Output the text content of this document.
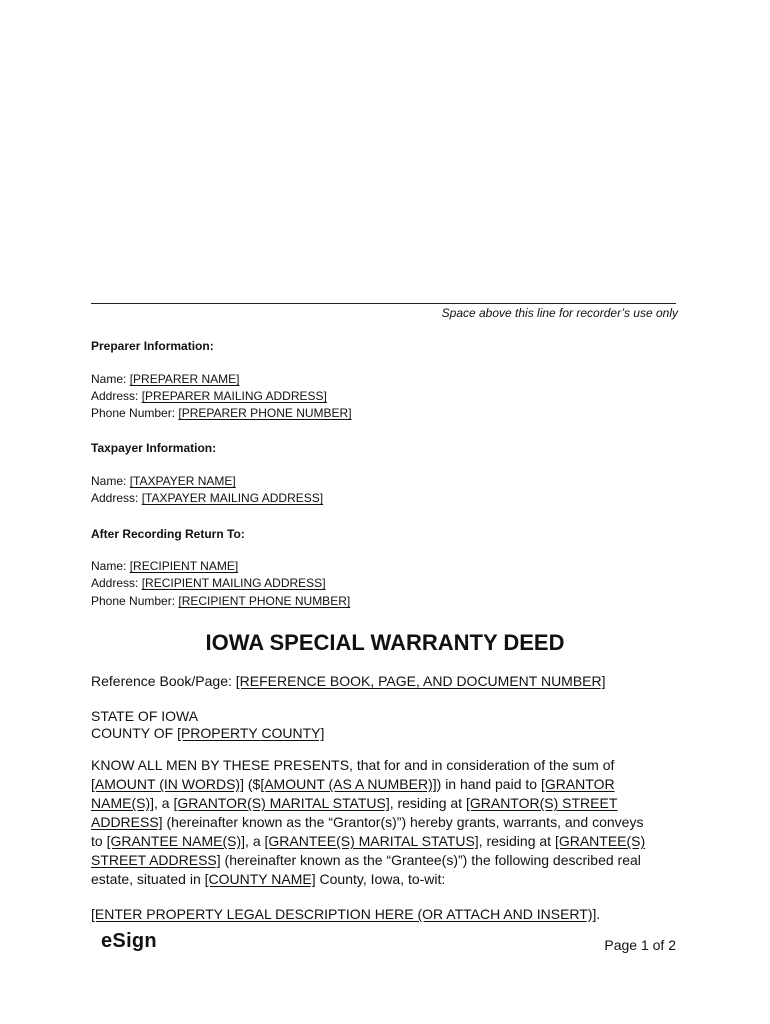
Space above this line for recorder’s use only
Preparer Information:
Name: [PREPARER NAME]
Address: [PREPARER MAILING ADDRESS]
Phone Number: [PREPARER PHONE NUMBER]
Taxpayer Information:
Name: [TAXPAYER NAME]
Address: [TAXPAYER MAILING ADDRESS]
After Recording Return To:
Name: [RECIPIENT NAME]
Address: [RECIPIENT MAILING ADDRESS]
Phone Number: [RECIPIENT PHONE NUMBER]
IOWA SPECIAL WARRANTY DEED
Reference Book/Page: [REFERENCE BOOK, PAGE, AND DOCUMENT NUMBER]
STATE OF IOWA
COUNTY OF [PROPERTY COUNTY]
KNOW ALL MEN BY THESE PRESENTS, that for and in consideration of the sum of [AMOUNT (IN WORDS)] ($[AMOUNT (AS A NUMBER)]) in hand paid to [GRANTOR NAME(S)], a [GRANTOR(S) MARITAL STATUS], residing at [GRANTOR(S) STREET ADDRESS] (hereinafter known as the “Grantor(s)”) hereby grants, warrants, and conveys to [GRANTEE NAME(S)], a [GRANTEE(S) MARITAL STATUS], residing at [GRANTEE(S) STREET ADDRESS] (hereinafter known as the “Grantee(s)”) the following described real estate, situated in [COUNTY NAME] County, Iowa, to-wit:
[ENTER PROPERTY LEGAL DESCRIPTION HERE (OR ATTACH AND INSERT)].
eSign	Page 1 of 2
